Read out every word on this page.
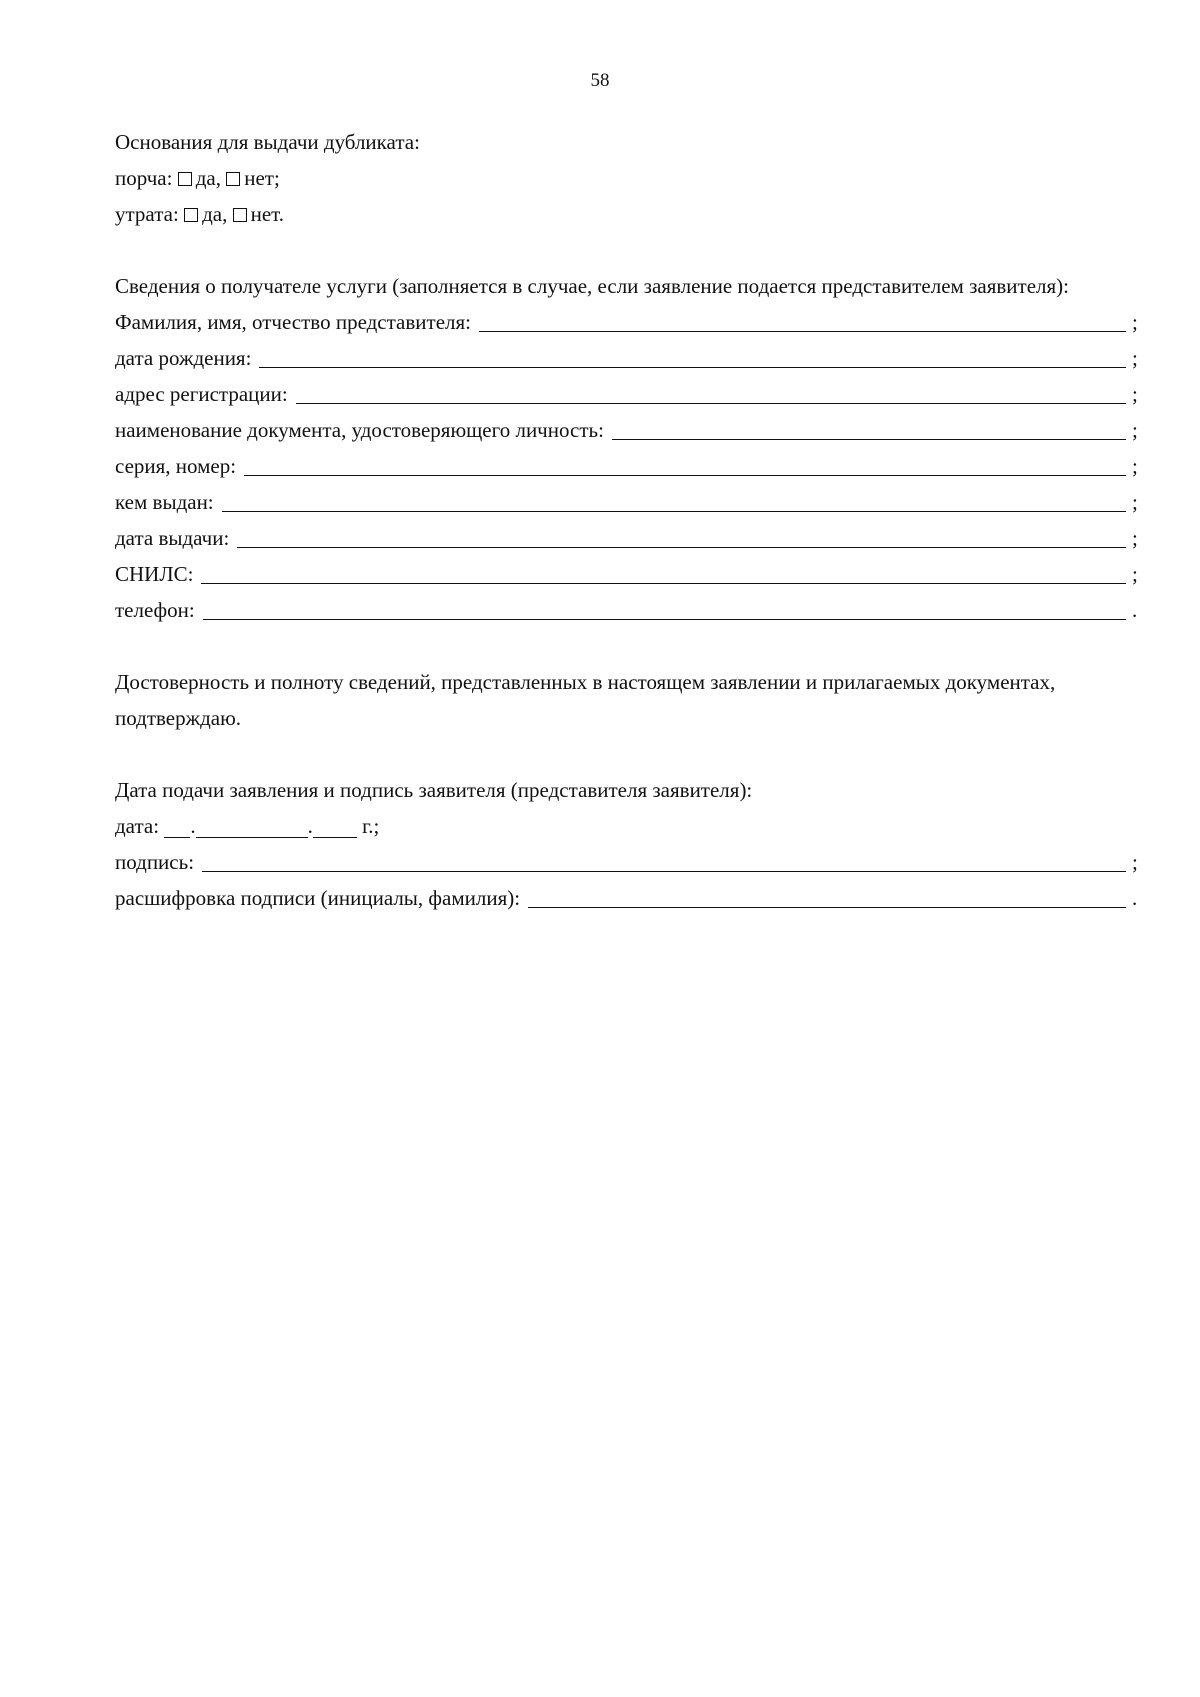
58
Основания для выдачи дубликата:
порча: да, нет;
утрата: да, нет.
Сведения о получателе услуги (заполняется в случае, если заявление подается представителем заявителя):
Фамилия, имя, отчество представителя:	;
дата рождения:	;
адрес регистрации:	;
наименование документа, удостоверяющего личность:	;
серия, номер:	;
кем выдан:	;
дата выдачи:	;
СНИЛС:	;
телефон:	.
Достоверность и полноту сведений, представленных в настоящем заявлении и прилагаемых документах, подтверждаю.
Дата подачи заявления и подпись заявителя (представителя заявителя):
дата: .	. г.;
подпись:	;
расшифровка подписи (инициалы, фамилия):	.
